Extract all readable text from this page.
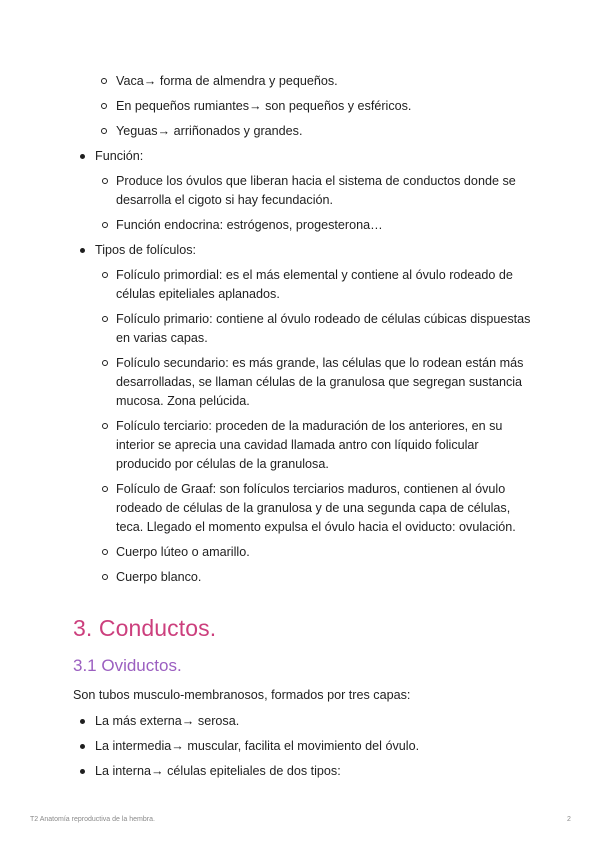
Vaca→ forma de almendra y pequeños.
En pequeños rumiantes→ son pequeños y esféricos.
Yeguas→ arriñonados y grandes.
Función:
Produce los óvulos que liberan hacia el sistema de conductos donde se desarrolla el cigoto si hay fecundación.
Función endocrina: estrógenos, progesterona…
Tipos de folículos:
Folículo primordial: es el más elemental y contiene al óvulo rodeado de células epiteliales aplanados.
Folículo primario: contiene al óvulo rodeado de células cúbicas dispuestas en varias capas.
Folículo secundario: es más grande, las células que lo rodean están más desarrolladas, se llaman células de la granulosa que segregan sustancia mucosa. Zona pelúcida.
Folículo terciario: proceden de la maduración de los anteriores, en su interior se aprecia una cavidad llamada antro con líquido folicular producido por células de la granulosa.
Folículo de Graaf: son folículos terciarios maduros, contienen al óvulo rodeado de células de la granulosa y de una segunda capa de células, teca. Llegado el momento expulsa el óvulo hacia el oviducto: ovulación.
Cuerpo lúteo o amarillo.
Cuerpo blanco.
3. Conductos.
3.1 Oviductos.

Son tubos musculo-membranosos, formados por tres capas:

La más externa→ serosa.
La intermedia→ muscular, facilita el movimiento del óvulo.
La interna→ células epiteliales de dos tipos:
T2 Anatomía reproductiva de la hembra.	2
